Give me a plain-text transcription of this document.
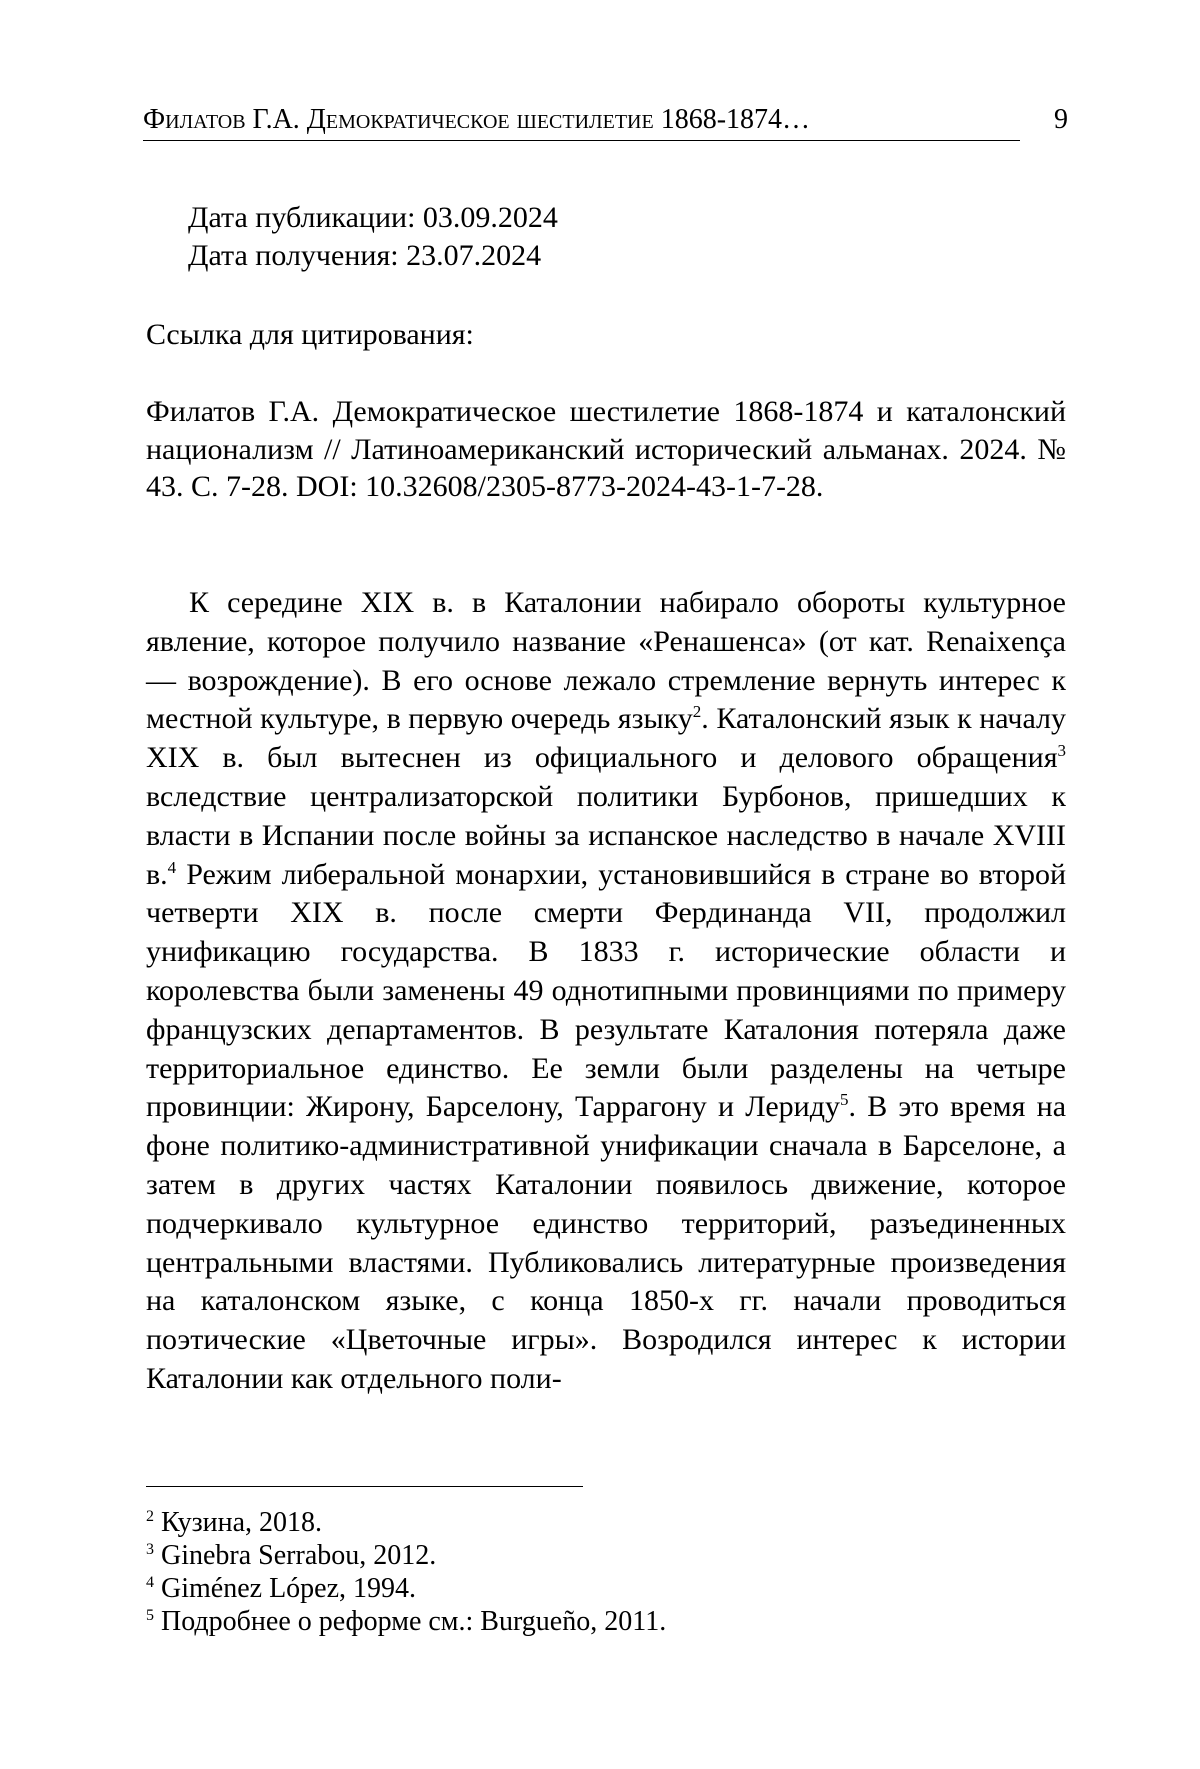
Филатов Г.А. Демократическое шестилетие 1868-1874…	9

Дата публикации: 03.09.2024

Дата получения: 23.07.2024

Ссылка для цитирования:

Филатов Г.А. Демократическое шестилетие 1868-1874 и каталонский национализм // Латиноамериканский исторический альманах. 2024. № 43. С. 7-28. DOI: 10.32608/2305-8773-2024-43-1-7-28.

К середине XIX в. в Каталонии набирало обороты культурное явление, которое получило название «Ренашенса» (от кат. Renaixença — возрождение). В его основе лежало стремление вернуть интерес к местной культуре, в первую очередь языку$^2$. Каталонский язык к началу XIX в. был вытеснен из официального и делового обращения$^3$ вследствие централизаторской политики Бурбонов, пришедших к власти в Испании после войны за испанское наследство в начале XVIII в.$^4$ Режим либеральной монархии, установившийся в стране во второй четверти XIX в. после смерти Фердинанда VII, продолжил унификацию государства. В 1833 г. исторические области и королевства были заменены 49 однотипными провинциями по примеру французских департаментов. В результате Каталония потеряла даже территориальное единство. Ее земли были разделены на четыре провинции: Жирону, Барселону, Таррагону и Лериду$^5$. В это время на фоне политико-административной унификации сначала в Барселоне, а затем в других частях Каталонии появилось движение, которое подчеркивало культурное единство территорий, разъединенных центральными властями. Публиковались литературные произведения на каталонском языке, с конца 1850-х гг. начали проводиться поэтические «Цветочные игры». Возродился интерес к истории Каталонии как отдельного поли-

$^2$ Кузина, 2018.

$^3$ Ginebra Serrabou, 2012.

$^4$ Giménez López, 1994.

$^5$ Подробнее о реформе см.: Burgueño, 2011.
